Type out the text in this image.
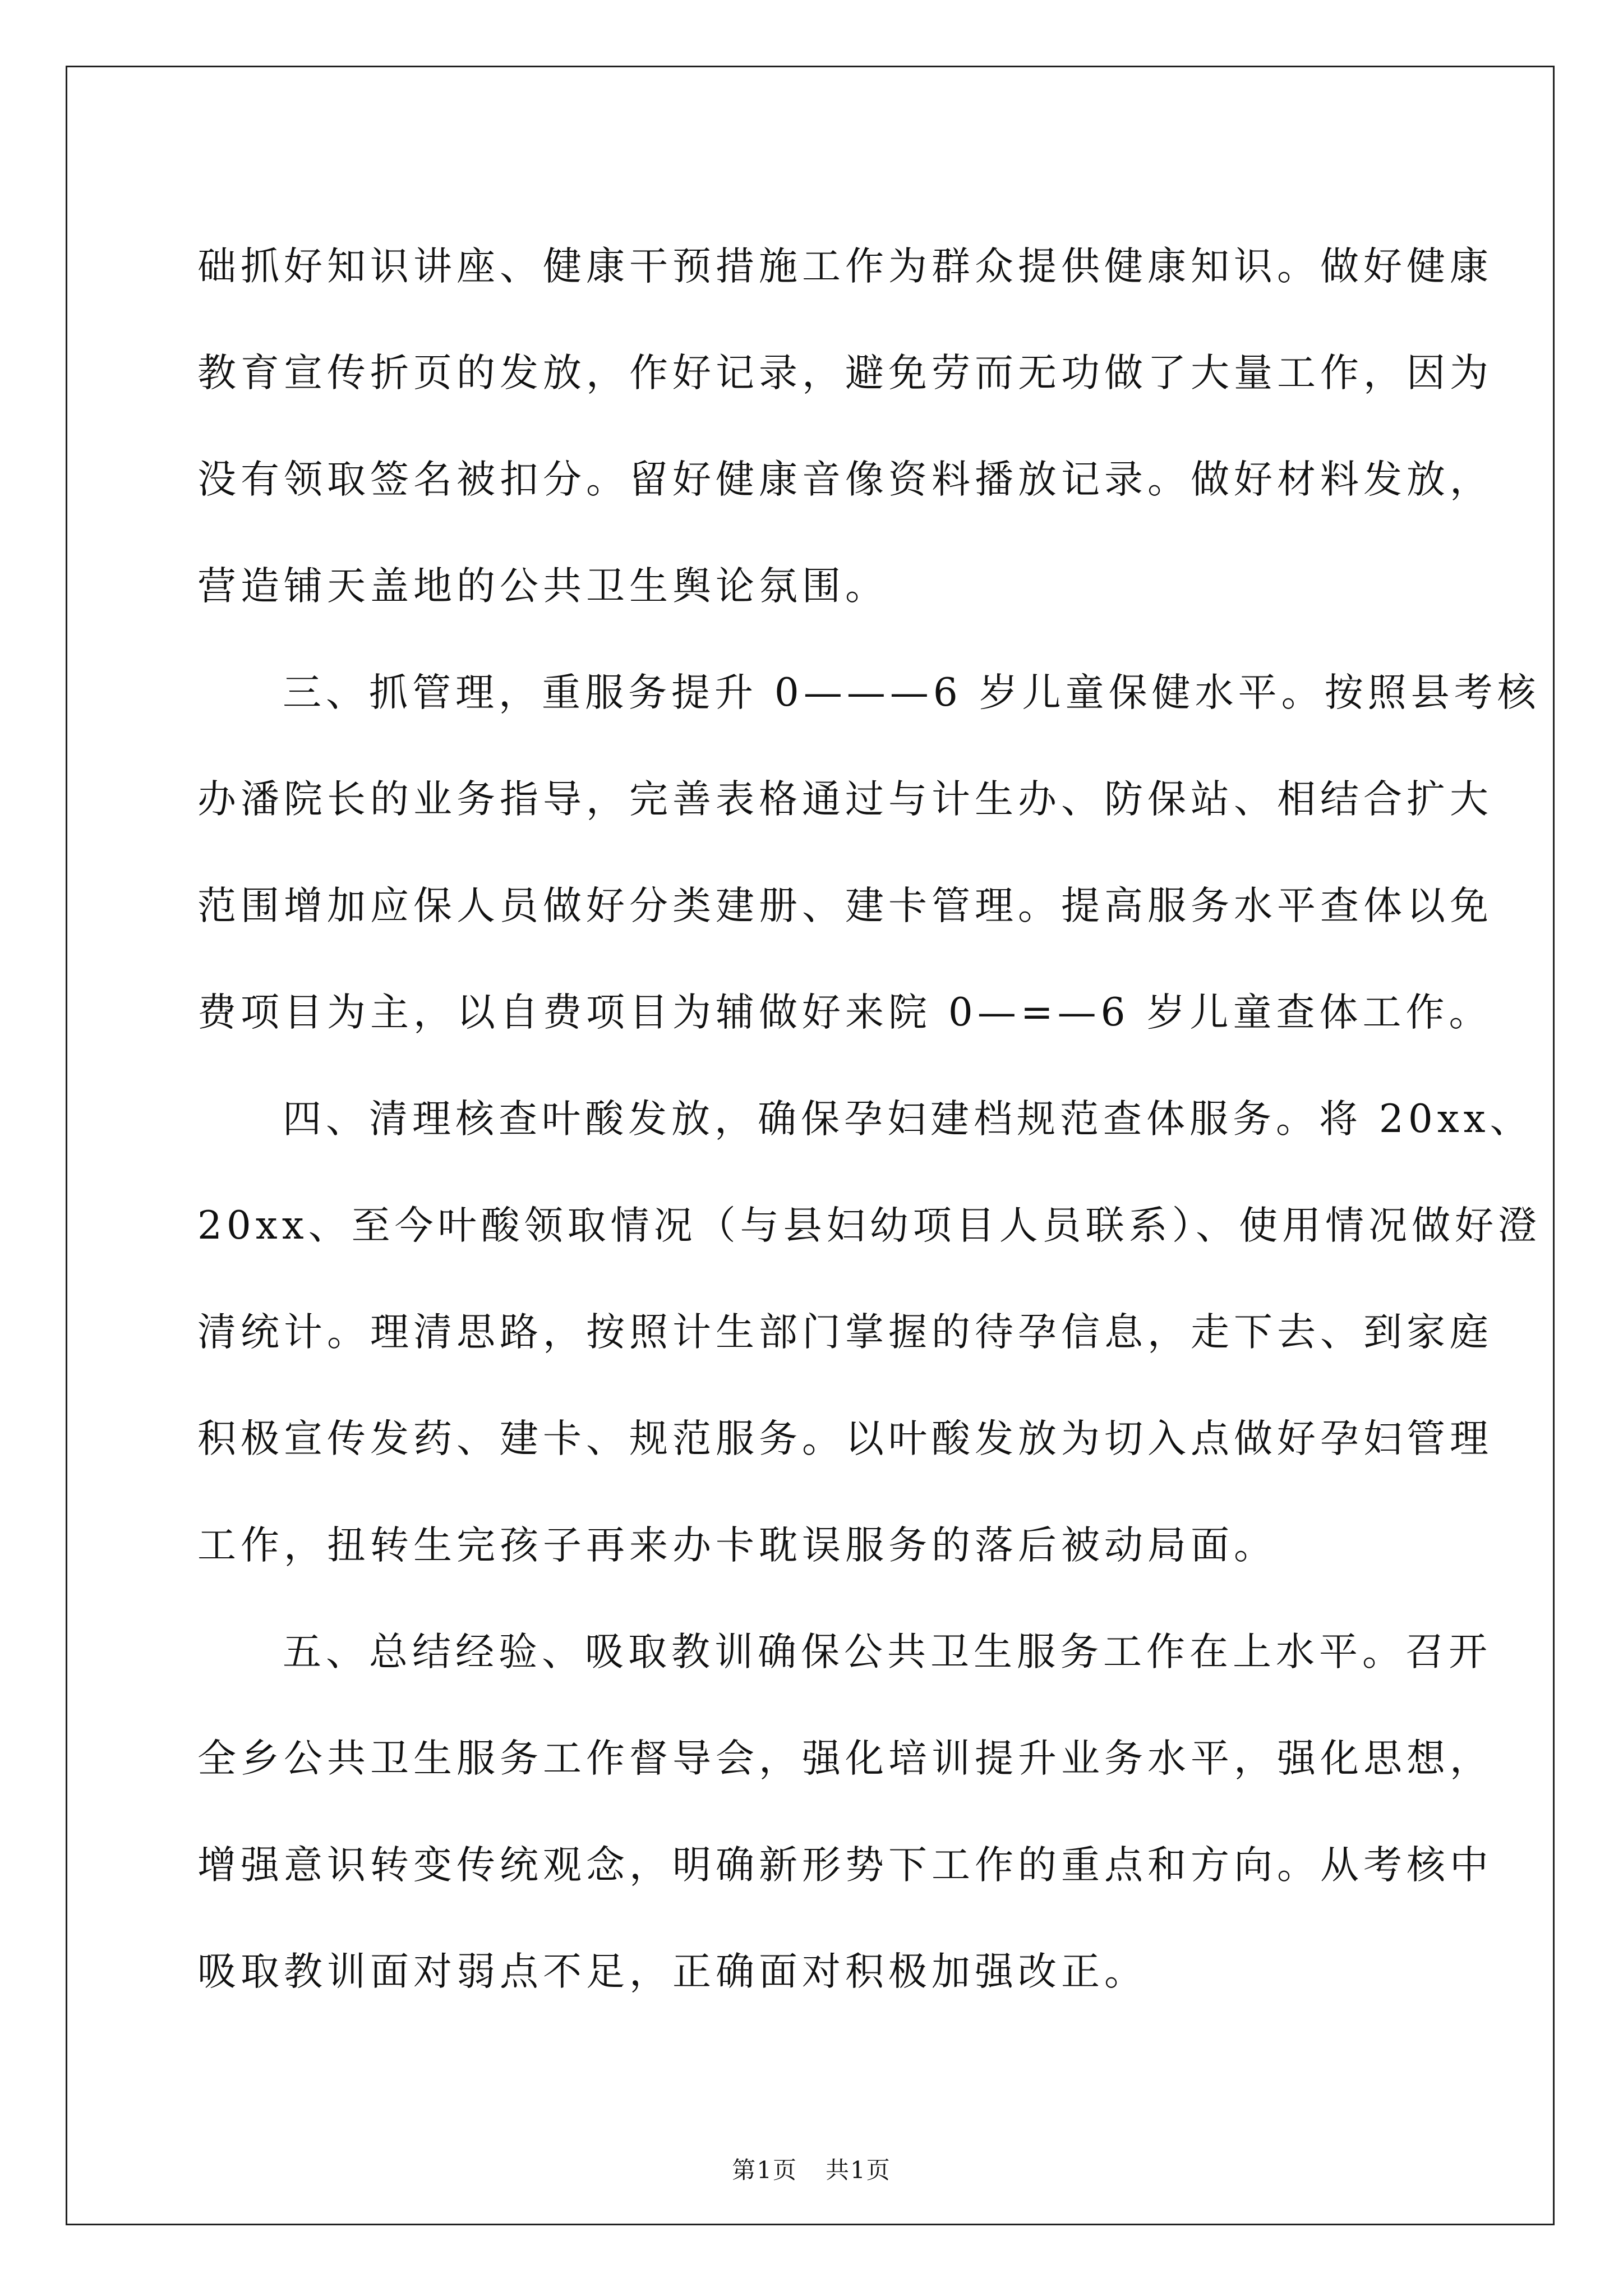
础抓好知识讲座、健康干预措施工作为群众提供健康知识。做好健康
教育宣传折页的发放，作好记录，避免劳而无功做了大量工作，因为
没有领取签名被扣分。留好健康音像资料播放记录。做好材料发放，
营造铺天盖地的公共卫生舆论氛围。

三、抓管理，重服务提升 0———6 岁儿童保健水平。按照县考核
办潘院长的业务指导，完善表格通过与计生办、防保站、相结合扩大
范围增加应保人员做好分类建册、建卡管理。提高服务水平查体以免
费项目为主，以自费项目为辅做好来院 0—=—6 岁儿童查体工作。

四、清理核查叶酸发放，确保孕妇建档规范查体服务。将 20xx、
20xx、至今叶酸领取情况（与县妇幼项目人员联系）、使用情况做好澄
清统计。理清思路，按照计生部门掌握的待孕信息，走下去、到家庭
积极宣传发药、建卡、规范服务。以叶酸发放为切入点做好孕妇管理
工作，扭转生完孩子再来办卡耽误服务的落后被动局面。

五、总结经验、吸取教训确保公共卫生服务工作在上水平。召开
全乡公共卫生服务工作督导会，强化培训提升业务水平，强化思想，
增强意识转变传统观念，明确新形势下工作的重点和方向。从考核中
吸取教训面对弱点不足，正确面对积极加强改正。

第1页 共1页
